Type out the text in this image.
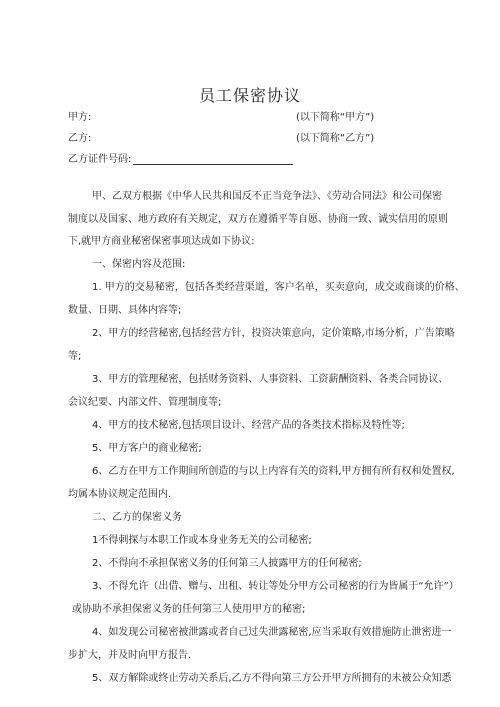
员工保密协议
甲方:	(以下简称“甲方”)
乙方:	(以下简称“乙方”)
乙方证件号码:
甲、乙双方根据《中华人民共和国反不正当竞争法》、《劳动合同法》和公司保密
制度以及国家、地方政府有关规定，双方在遵循平等自愿、协商一致、诚实信用的原则
下,就甲方商业秘密保密事项达成如下协议:
一、保密内容及范围:
1. 甲方的交易秘密，包括各类经营渠道，客户名单，买卖意向，成交或商谈的价格、
数量、日期、具体内容等;
2、甲方的经营秘密,包括经营方针，投资决策意向，定价策略,市场分析，广告策略
等;
3、甲方的管理秘密，包括财务资料、人事资料、工资薪酬资料、各类合同协议、
会议纪要、内部文件、管理制度等;
4、甲方的技术秘密,包括项目设计、经营产品的各类技术指标及特性等;
5、甲方客户的商业秘密;
6、乙方在甲方工作期间所创造的与以上内容有关的资料,甲方拥有所有权和处置权,
均属本协议规定范围内.
二、乙方的保密义务
1不得刺探与本职工作或本身业务无关的公司秘密;
2、不得向不承担保密义务的任何第三人披露甲方的任何秘密;
3、不得允许（出借、赠与、出租、转让等处分甲方公司秘密的行为皆属于“允许”）
或协助不承担保密义务的任何第三人使用甲方的秘密;
4、如发现公司秘密被泄露或者自己过失泄露秘密,应当采取有效措施防止泄密进一
步扩大，并及时向甲方报告.
5、双方解除或终止劳动关系后,乙方不得向第三方公开甲方所拥有的未被公众知悉
